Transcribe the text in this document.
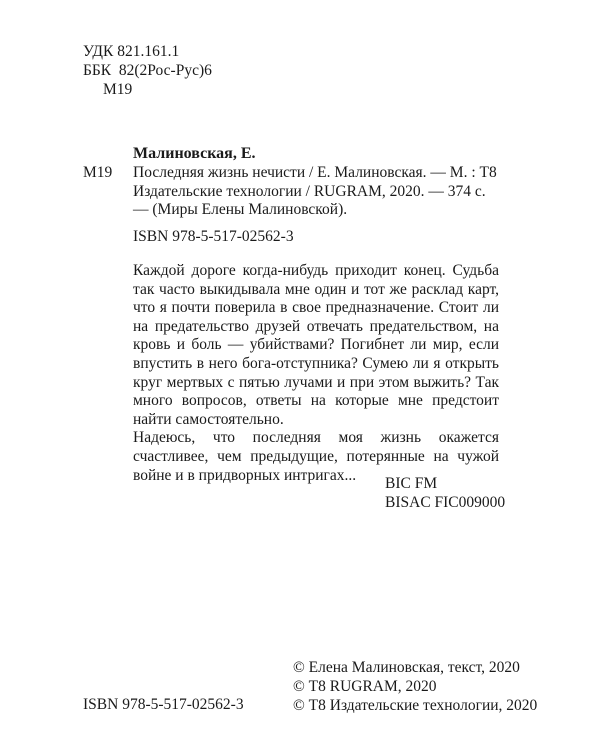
УДК 821.161.1
ББК  82(2Рос-Рус)6
М19
Малиновская, Е.
М19 Последняя жизнь нечисти / Е. Малиновская. — М. : Т8 Издательские технологии / RUGRAM, 2020. — 374 с. — (Миры Елены Малиновской).
ISBN 978-5-517-02562-3

Каждой дороге когда-нибудь приходит конец. Судьба так часто выкидывала мне один и тот же расклад карт, что я почти поверила в свое предназначение. Стоит ли на предательство друзей отвечать предательством, на кровь и боль — убийствами? Погибнет ли мир, если впустить в него бога-отступника? Сумею ли я открыть круг мертвых с пятью лучами и при этом выжить? Так много вопросов, ответы на которые мне предстоит найти самостоятельно.

Надеюсь, что последняя моя жизнь окажется счастливее, чем предыдущие, потерянные на чужой войне и в придворных интригах...	BIC FM
BISAC FIC009000
© Елена Малиновская, текст, 2020
© Т8 RUGRAM, 2020
© Т8 Издательские технологии, 2020
ISBN 978-5-517-02562-3
